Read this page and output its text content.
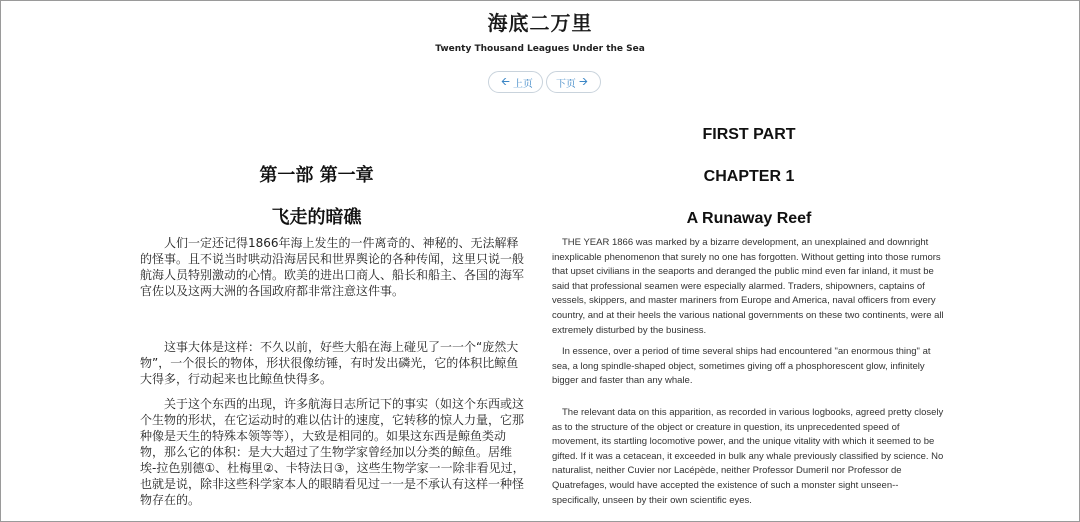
海底二万里
Twenty Thousand Leagues Under the Sea
🡨 上页 下页 🡪
第一部 第一章
飞走的暗礁

人们一定还记得1866年海上发生的一件离奇的、神秘的、无法解释的怪事。且不说当时哄动沿海居民和世界舆论的各种传闻，这里只说一般航海人员特别激动的心情。欧美的进出口商人、船长和船主、各国的海军官佐以及这两大洲的各国政府都非常注意这件事。

这事大体是这样：不久以前，好些大船在海上碰见了一一个“庞然大物”，一个很长的物体，形状很像纺锤，有时发出磷光，它的体积比鲸鱼大得多，行动起来也比鲸鱼快得多。

关于这个东西的出现，许多航海日志所记下的事实（如这个东西或这个生物的形状，在它运动时的难以估计的速度，它转移的惊人力量，它那种像是天生的特殊本领等等），大致是相同的。如果这东西是鲸鱼类动物，那么它的体积：是大大超过了生物学家曾经加以分类的鲸鱼。居维埃-拉色别德①、杜梅里②、卡特法日③，这些生物学家一一除非看见过，也就是说，除非这些科学家本人的眼睛看见过一一是不承认有这样一种怪物存在的。

FIRST PART
CHAPTER 1
A Runaway Reef

THE YEAR 1866 was marked by a bizarre development, an unexplained and downright inexplicable phenomenon that surely no one has forgotten. Without getting into those rumors that upset civilians in the seaports and deranged the public mind even far inland, it must be said that professional seamen were especially alarmed. Traders, shipowners, captains of vessels, skippers, and master mariners from Europe and America, naval officers from every country, and at their heels the various national governments on these two continents, were all extremely disturbed by the business.

In essence, over a period of time several ships had encountered "an enormous thing" at sea, a long spindle-shaped object, sometimes giving off a phosphorescent glow, infinitely bigger and faster than any whale.

The relevant data on this apparition, as recorded in various logbooks, agreed pretty closely as to the structure of the object or creature in question, its unprecedented speed of movement, its startling locomotive power, and the unique vitality with which it seemed to be gifted. If it was a cetacean, it exceeded in bulk any whale previously classified by science. No naturalist, neither Cuvier nor Lacépède, neither Professor Dumeril nor Professor de Quatrefages, would have accepted the existence of such a monster sight unseen-- specifically, unseen by their own scientific eyes.
